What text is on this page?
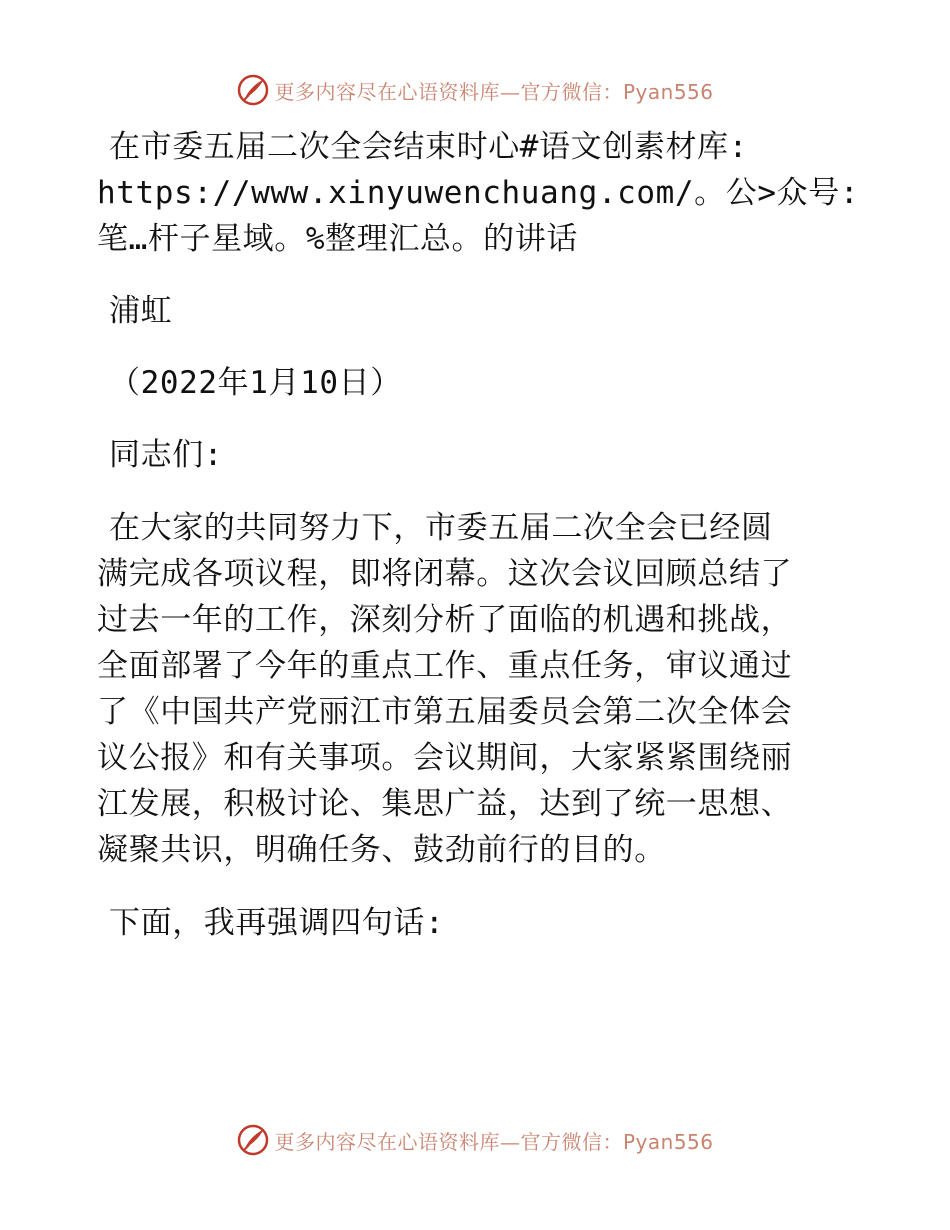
更多内容尽在心语资料库—官方微信：Pyan556

在市委五届二次全会结束时心#语文创素材库:
https://www.xinyuwenchuang.com/。公>众号:
笔…杆子星域。%整理汇总。的讲话

浦虹

（2022年1月10日）

同志们:

在大家的共同努力下，市委五届二次全会已经圆
满完成各项议程，即将闭幕。这次会议回顾总结了
过去一年的工作，深刻分析了面临的机遇和挑战，
全面部署了今年的重点工作、重点任务，审议通过
了《中国共产党丽江市第五届委员会第二次全体会
议公报》和有关事项。会议期间，大家紧紧围绕丽
江发展，积极讨论、集思广益，达到了统一思想、
凝聚共识，明确任务、鼓劲前行的目的。

下面，我再强调四句话:

更多内容尽在心语资料库—官方微信：Pyan556
